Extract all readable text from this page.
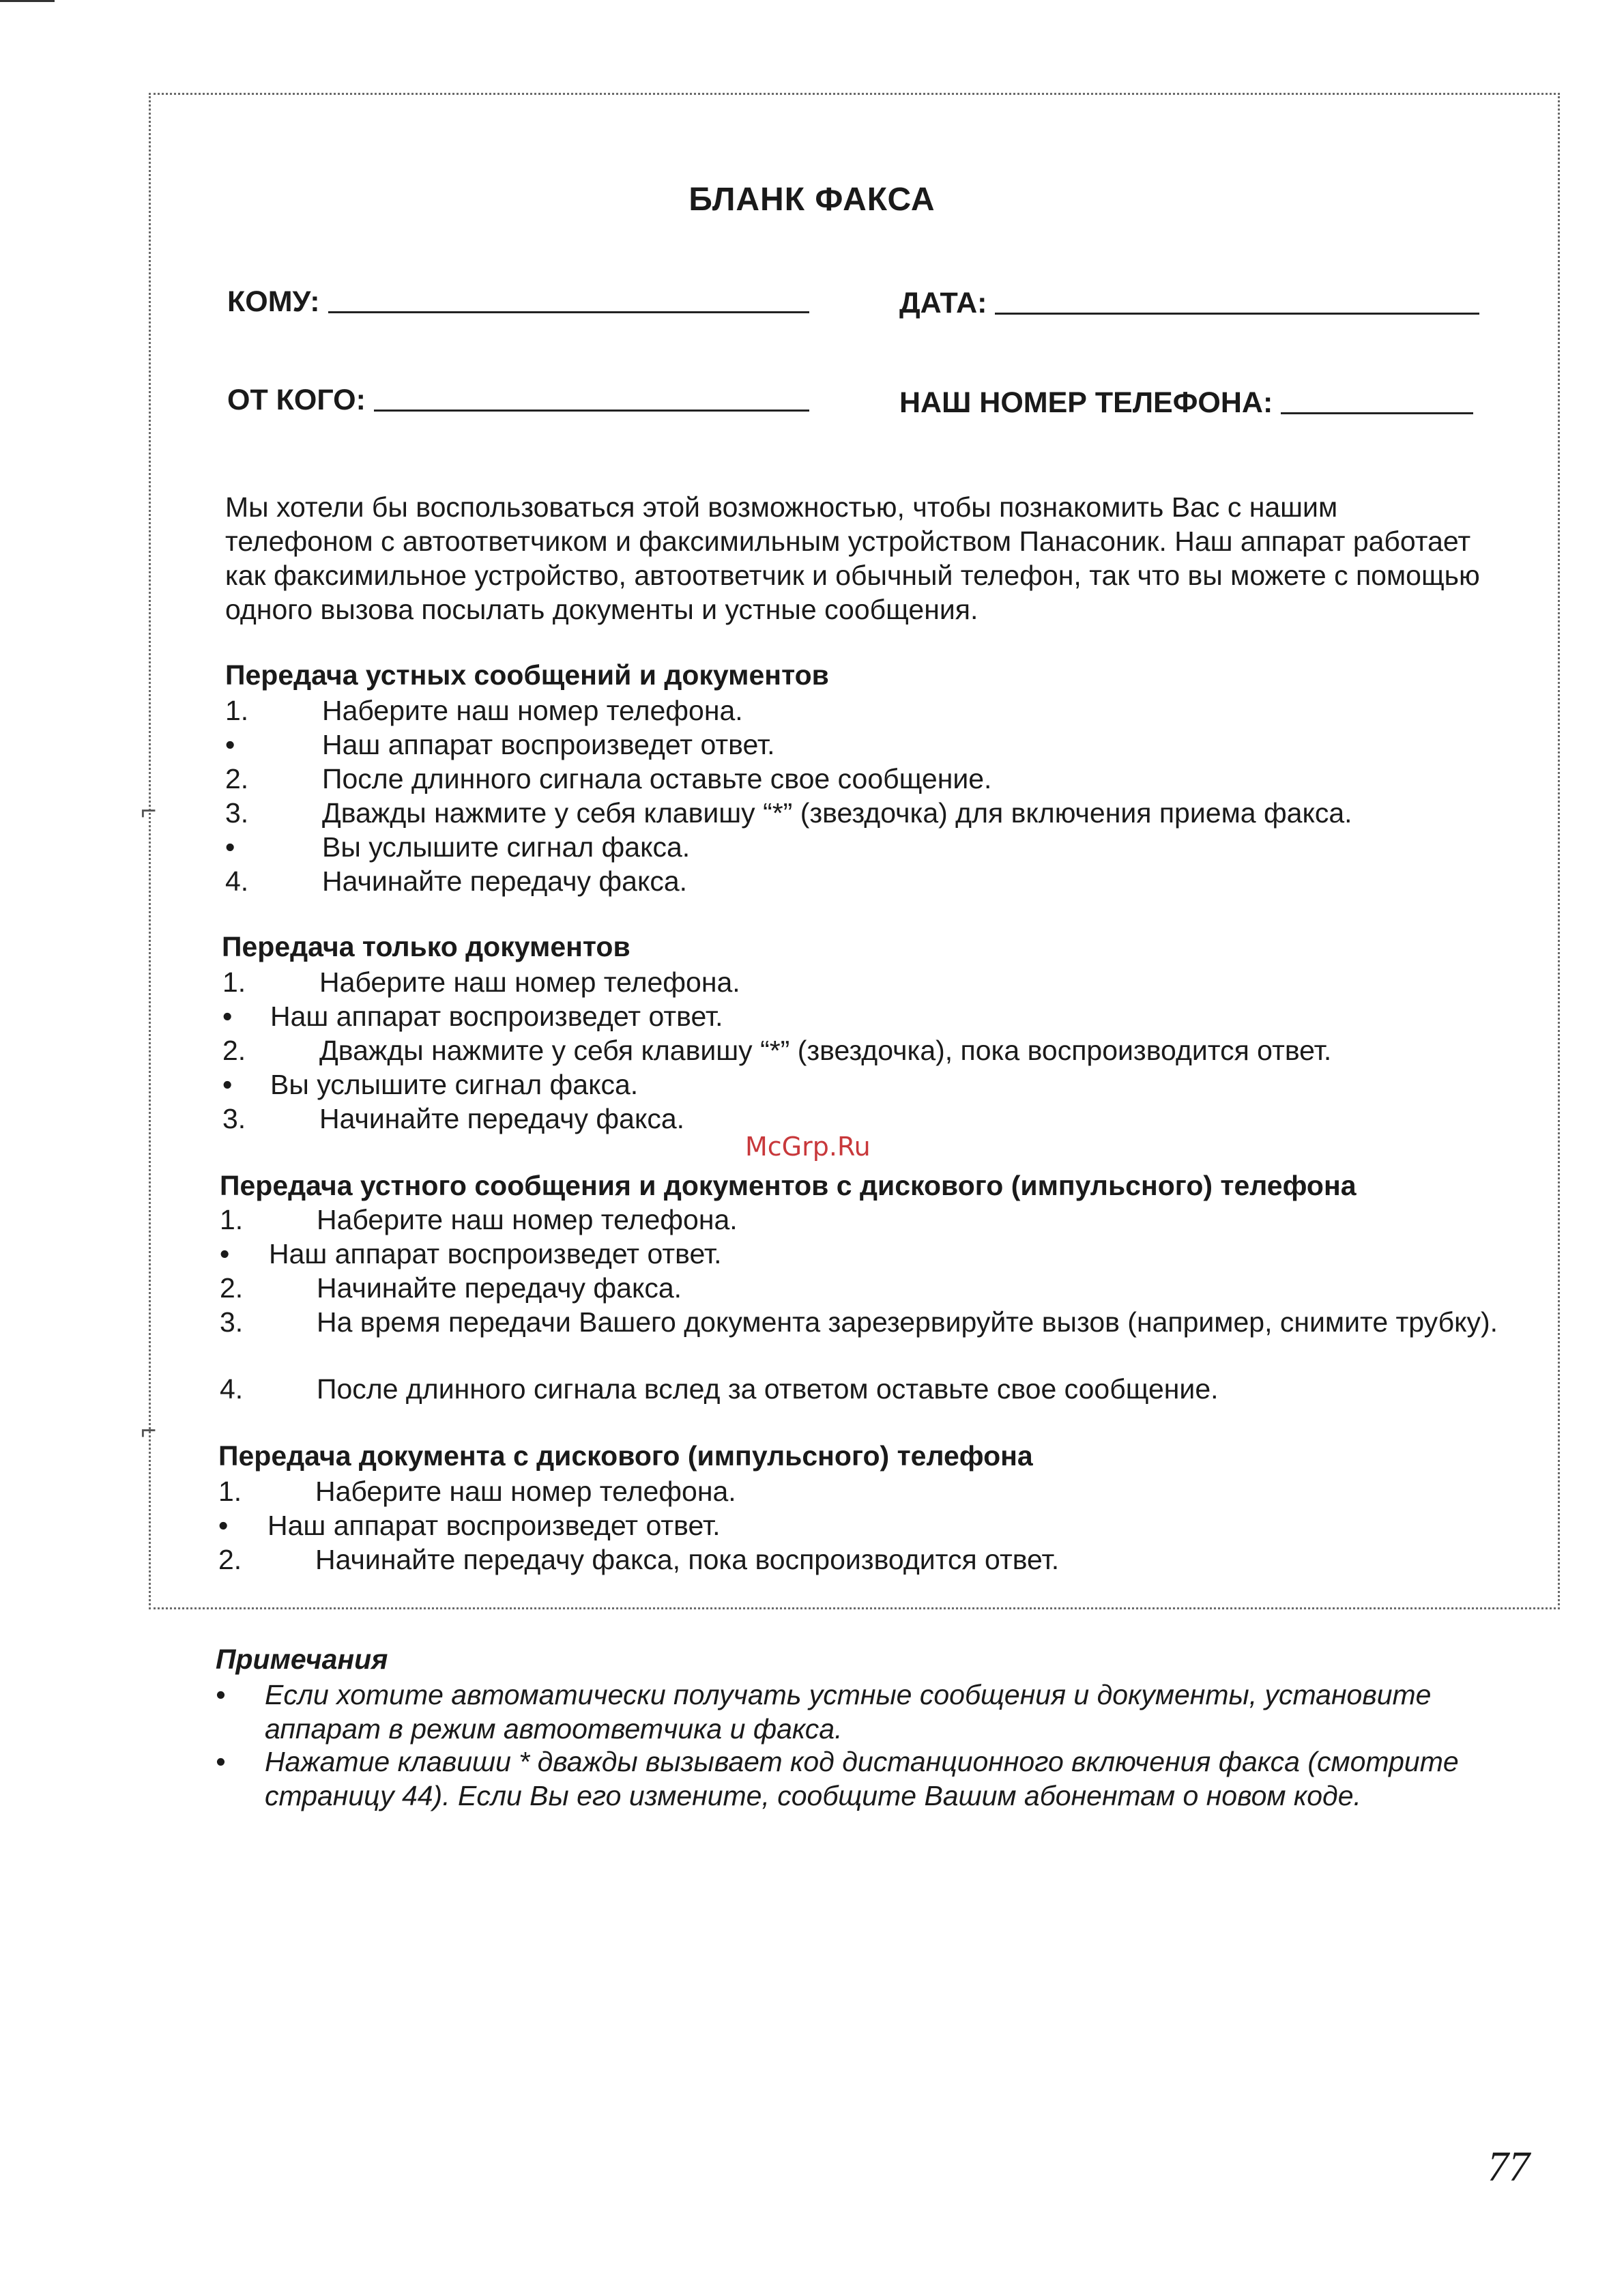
БЛАНК ФАКСА
КОМУ:	ДАТА:
ОТ КОГО:	НАШ НОМЕР ТЕЛЕФОНА:
Мы хотели бы воспользоваться этой возможностью, чтобы познакомить Вас с нашим телефоном с автоответчиком и факсимильным устройством Панасоник. Наш аппарат работает как факсимильное устройство, автоответчик и обычный телефон, так что вы можете с помощью одного вызова посылать документы и устные сообщения.
Передача устных сообщений и документов
1.	Наберите наш номер телефона.
•	Наш аппарат воспроизведет ответ.
2.	После длинного сигнала оставьте свое сообщение.
3.	Дважды нажмите у себя клавишу “*” (звездочка) для включения приема факса.
•	Вы услышите сигнал факса.
4.	Начинайте передачу факса.
Передача только документов
1.	Наберите наш номер телефона.
• Наш аппарат воспроизведет ответ.
2.	Дважды нажмите у себя клавишу “*” (звездочка), пока воспроизводится ответ.
• Вы услышите сигнал факса.
3.	Начинайте передачу факса.
McGrp.Ru
Передача устного сообщения и документов с дискового (импульсного) телефона
1.	Наберите наш номер телефона.
• Наш аппарат воспроизведет ответ.
2.	Начинайте передачу факса.
3.	На время передачи Вашего документа зарезервируйте вызов (например, снимите трубку).
4.	После длинного сигнала вслед за ответом оставьте свое сообщение.
Передача документа с дискового (импульсного) телефона
1.	Наберите наш номер телефона.
• Наш аппарат воспроизведет ответ.
2.	Начинайте передачу факса, пока воспроизводится ответ.
Примечания
• Если хотите автоматически получать устные сообщения и документы, установите аппарат в режим автоответчика и факса.
• Нажатие клавиши * дважды вызывает код дистанционного включения факса (смотрите страницу 44). Если Вы его измените, сообщите Вашим абонентам о новом коде.
77
⌐
⌐
